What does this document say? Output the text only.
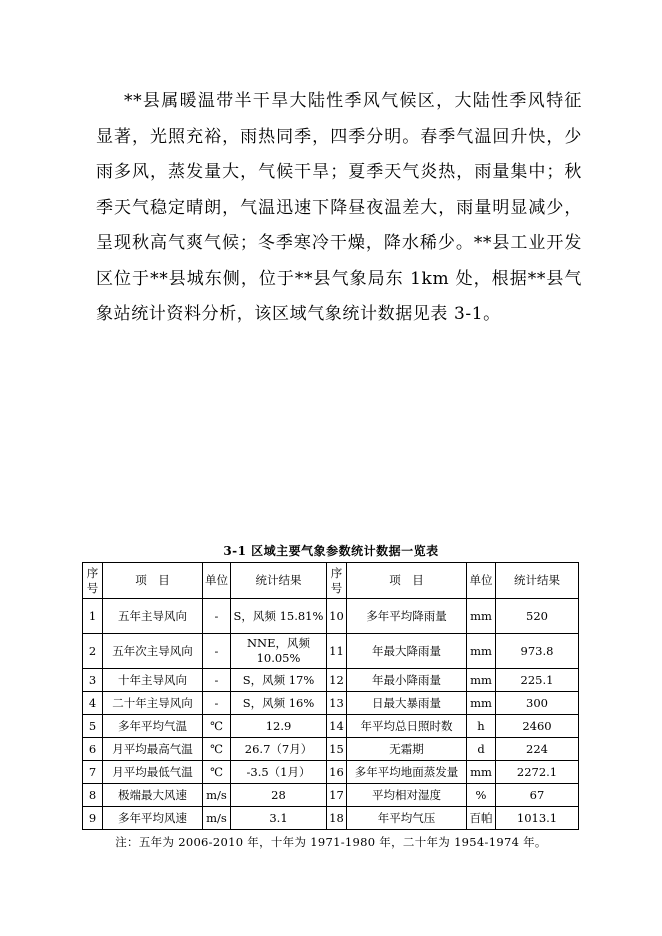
**县属暖温带半干旱大陆性季风气候区，大陆性季风特征显著，光照充裕，雨热同季，四季分明。春季气温回升快，少雨多风，蒸发量大，气候干旱；夏季天气炎热，雨量集中；秋季天气稳定晴朗，气温迅速下降昼夜温差大，雨量明显减少，呈现秋高气爽气候；冬季寒冷干燥，降水稀少。**县工业开发区位于**县城东侧，位于**县气象局东 1km 处，根据**县气象站统计资料分析，该区域气象统计数据见表 3-1。

3-1 区域主要气象参数统计数据一览表
序号	项　目	单位	统计结果	序号	项　目	单位	统计结果
1	五年主导风向	-	S，风频 15.81%	10	多年平均降雨量	mm	520
2	五年次主导风向	-	NNE，风频 10.05%	11	年最大降雨量	mm	973.8
3	十年主导风向	-	S，风频 17%	12	年最小降雨量	mm	225.1
4	二十年主导风向	-	S，风频 16%	13	日最大暴雨量	mm	300
5	多年平均气温	℃	12.9	14	年平均总日照时数	h	2460
6	月平均最高气温	℃	26.7（7月）	15	无霜期	d	224
7	月平均最低气温	℃	-3.5（1月）	16	多年平均地面蒸发量	mm	2272.1
8	极端最大风速	m/s	28	17	平均相对湿度	%	67
9	多年平均风速	m/s	3.1	18	年平均气压	百帕	1013.1
注：五年为 2006-2010 年，十年为 1971-1980 年，二十年为 1954-1974 年。
